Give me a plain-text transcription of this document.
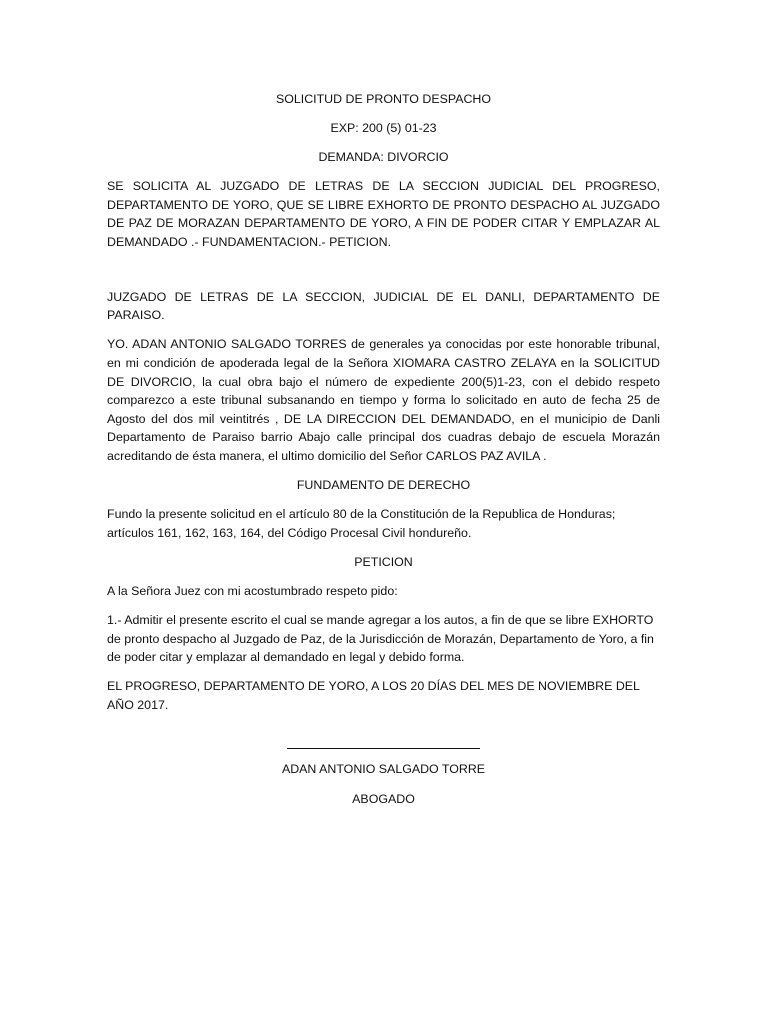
SOLICITUD DE PRONTO DESPACHO

EXP: 200 (5) 01-23

DEMANDA: DIVORCIO

SE SOLICITA AL JUZGADO DE LETRAS DE LA SECCION JUDICIAL DEL PROGRESO, DEPARTAMENTO DE YORO, QUE SE LIBRE EXHORTO DE PRONTO DESPACHO AL JUZGADO DE PAZ DE MORAZAN DEPARTAMENTO DE YORO, A FIN DE PODER CITAR Y EMPLAZAR AL DEMANDADO .- FUNDAMENTACION.- PETICION.

JUZGADO DE LETRAS DE LA SECCION, JUDICIAL DE EL DANLI, DEPARTAMENTO DE PARAISO.

YO. ADAN ANTONIO SALGADO TORRES de generales ya conocidas por este honorable tribunal, en mi condición de apoderada legal de la Señora XIOMARA CASTRO ZELAYA en la SOLICITUD DE DIVORCIO, la cual obra bajo el número de expediente 200(5)1-23, con el debido respeto comparezco a este tribunal subsanando en tiempo y forma lo solicitado en auto de fecha 25 de Agosto del dos mil veintitrés , DE LA DIRECCION DEL DEMANDADO, en el municipio de Danli Departamento de Paraiso barrio Abajo calle principal dos cuadras debajo de escuela Morazán acreditando de ésta manera, el ultimo domicilio del Señor CARLOS PAZ AVILA .

FUNDAMENTO DE DERECHO

Fundo la presente solicitud en el artículo 80 de la Constitución de la Republica de Honduras; artículos 161, 162, 163, 164, del Código Procesal Civil hondureño.

PETICION

A la Señora Juez con mi acostumbrado respeto pido:

1.- Admitir el presente escrito el cual se mande agregar a los autos, a fin de que se libre EXHORTO de pronto despacho al Juzgado de Paz, de la Jurisdicción de Morazán, Departamento de Yoro, a fin de poder citar y emplazar al demandado en legal y debido forma.

EL PROGRESO, DEPARTAMENTO DE YORO, A LOS 20 DÍAS DEL MES DE NOVIEMBRE DEL AÑO 2017.

ADAN ANTONIO SALGADO TORRE

ABOGADO
